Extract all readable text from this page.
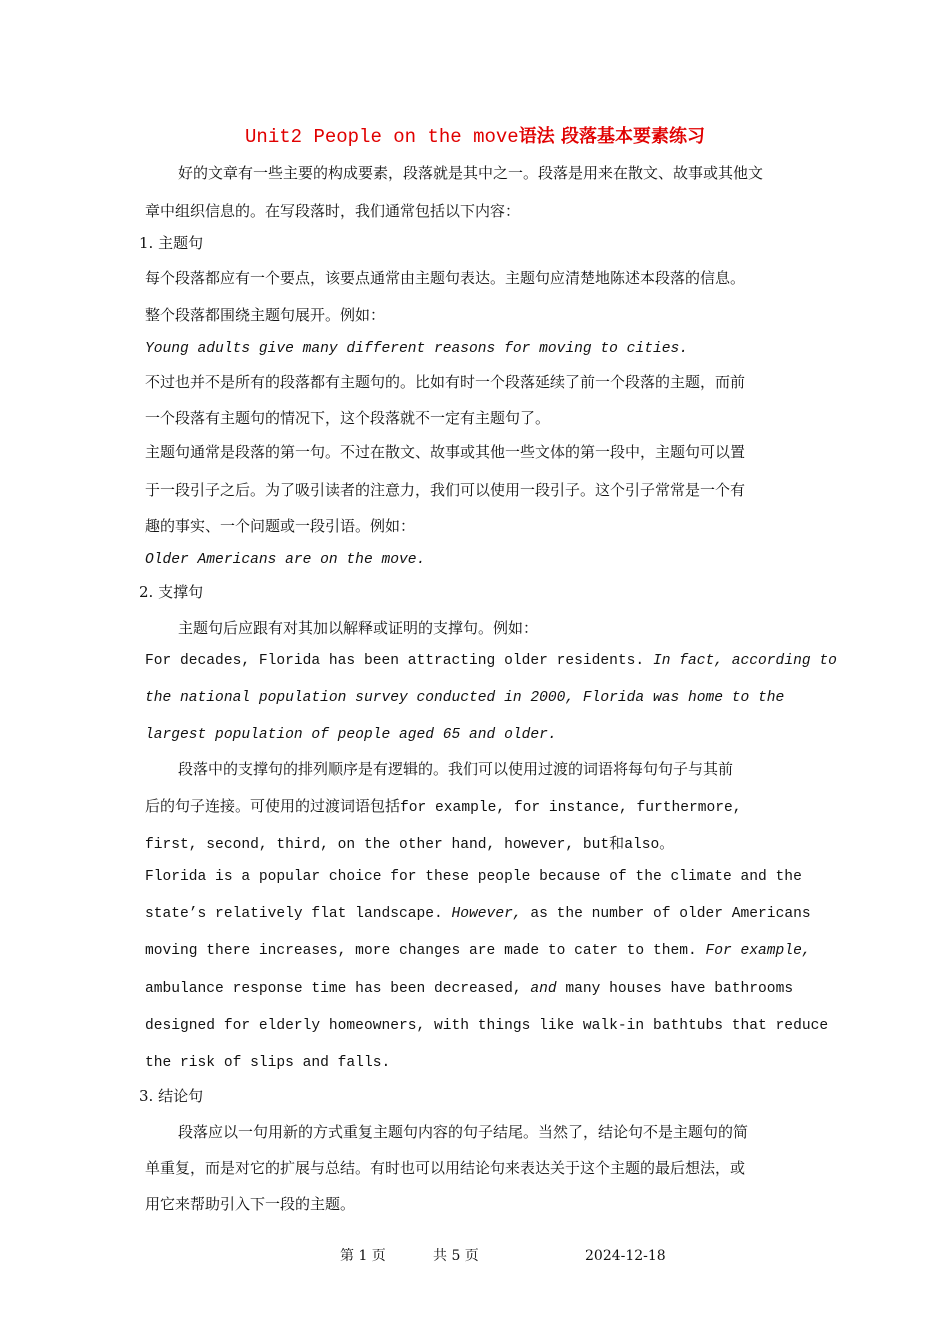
Unit2 People on the move语法 段落基本要素练习
好的文章有一些主要的构成要素，段落就是其中之一。段落是用来在散文、故事或其他文
章中组织信息的。在写段落时，我们通常包括以下内容：
1. 主题句
每个段落都应有一个要点，该要点通常由主题句表达。主题句应清楚地陈述本段落的信息。
整个段落都围绕主题句展开。例如：
Young adults give many different reasons for moving to cities.
不过也并不是所有的段落都有主题句的。比如有时一个段落延续了前一个段落的主题，而前
一个段落有主题句的情况下，这个段落就不一定有主题句了。
主题句通常是段落的第一句。不过在散文、故事或其他一些文体的第一段中，主题句可以置
于一段引子之后。为了吸引读者的注意力，我们可以使用一段引子。这个引子常常是一个有
趣的事实、一个问题或一段引语。例如：
Older Americans are on the move.
2. 支撑句
主题句后应跟有对其加以解释或证明的支撑句。例如：
For decades, Florida has been attracting older residents. In fact, according to
the national population survey conducted in 2000, Florida was home to the
largest population of people aged 65 and older.
段落中的支撑句的排列顺序是有逻辑的。我们可以使用过渡的词语将每句句子与其前
后的句子连接。可使用的过渡词语包括for example, for instance, furthermore,
first, second, third, on the other hand, however, but和also。
Florida is a popular choice for these people because of the climate and the
state’s relatively flat landscape. However, as the number of older Americans
moving there increases, more changes are made to cater to them. For example,
ambulance response time has been decreased, and many houses have bathrooms
designed for elderly homeowners, with things like walk-in bathtubs that reduce
the risk of slips and falls.
3. 结论句
段落应以一句用新的方式重复主题句内容的句子结尾。当然了，结论句不是主题句的简
单重复，而是对它的扩展与总结。有时也可以用结论句来表达关于这个主题的最后想法，或
用它来帮助引入下一段的主题。
第 1 页	共 5 页	2024-12-18
